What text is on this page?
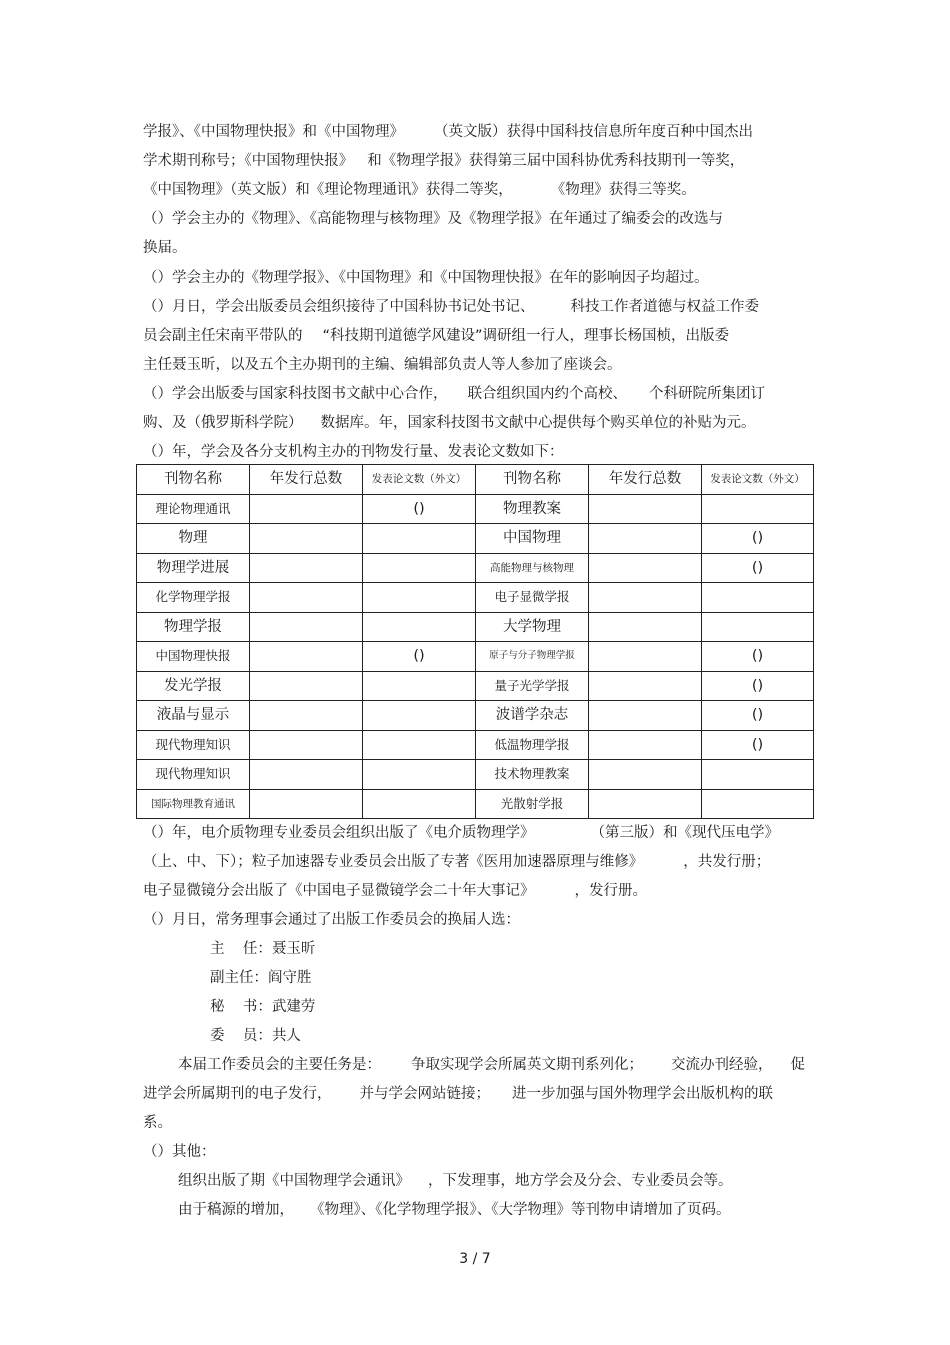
学报》、《中国物理快报》和《中国物理》 （英文版）获得中国科技信息所年度百种中国杰出
学术期刊称号；《中国物理快报》 和《物理学报》获得第三届中国科协优秀科技期刊一等奖，
《中国物理》（英文版）和《理论物理通讯》获得二等奖，	《物理》获得三等奖。
（）学会主办的《物理》、《高能物理与核物理》及《物理学报》在年通过了编委会的改选与
换届。
（）学会主办的《物理学报》、《中国物理》和《中国物理快报》在年的影响因子均超过。
（）月日，学会出版委员会组织接待了中国科协书记处书记、 科技工作者道德与权益工作委
员会副主任宋南平带队的 “科技期刊道德学风建设”调研组一行人，理事长杨国桢，出版委
主任聂玉昕，以及五个主办期刊的主编、编辑部负责人等人参加了座谈会。
（）学会出版委与国家科技图书文献中心合作， 联合组织国内约个高校、 个科研院所集团订
购、及（俄罗斯科学院） 数据库。年，国家科技图书文献中心提供每个购买单位的补贴为元。
（）年，学会及各分支机构主办的刊物发行量、发表论文数如下：
刊物名称	年发行总数	发表论文数（外文）	刊物名称	年发行总数	发表论文数（外文）
理论物理通讯		()	物理教案		
物理			中国物理		()
物理学进展			高能物理与核物理		()
化学物理学报			电子显微学报		
物理学报			大学物理		
中国物理快报		()	原子与分子物理学报		()
发光学报			量子光学学报		()
液晶与显示			波谱学杂志		()
现代物理知识			低温物理学报		()
现代物理知识			技术物理教案		
国际物理教育通讯			光散射学报		
（）年，电介质物理专业委员会组织出版了《电介质物理学》	（第三版）和《现代压电学》
（上、中、下）；粒子加速器专业委员会出版了专著《医用加速器原理与维修》	，共发行册；
电子显微镜分会出版了《中国电子显微镜学会二十年大事记》	，发行册。
（）月日，常务理事会通过了出版工作委员会的换届人选：
主    任：聂玉昕
副主任：阎守胜
秘    书：武建劳
委    员：共人
本届工作委员会的主要任务是： 争取实现学会所属英文期刊系列化； 交流办刊经验， 促
进学会所属期刊的电子发行， 并与学会网站链接； 进一步加强与国外物理学会出版机构的联
系。
（）其他：
组织出版了期《中国物理学会通讯》 ，下发理事，地方学会及分会、专业委员会等。
由于稿源的增加， 《物理》、《化学物理学报》、《大学物理》等刊物申请增加了页码。
3 / 7
